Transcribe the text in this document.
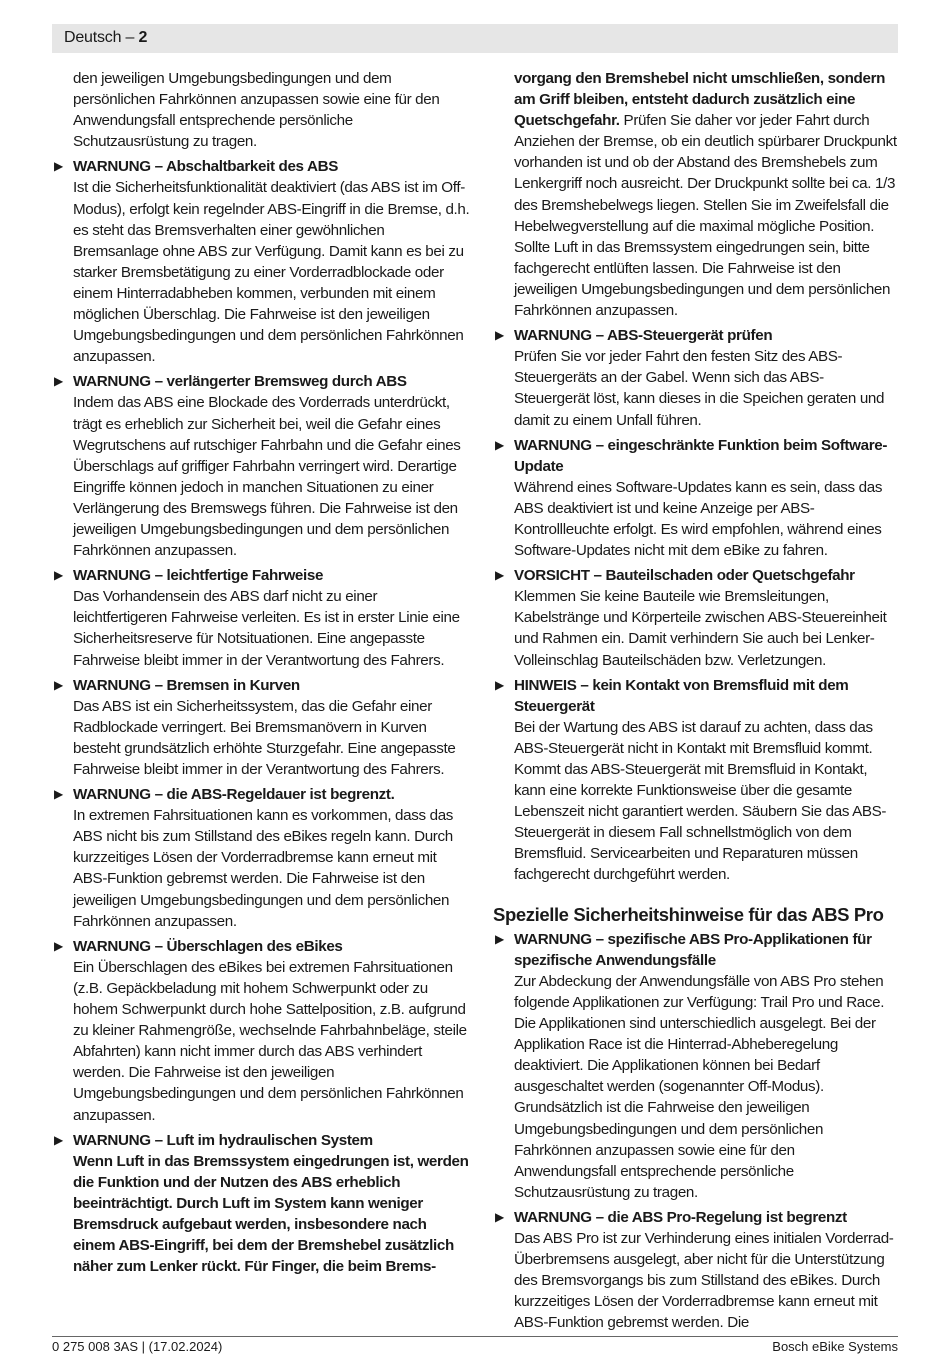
Deutsch – 2
den jeweiligen Umgebungsbedingungen und dem persönlichen Fahrkönnen anzupassen sowie eine für den Anwendungsfall entsprechende persönliche Schutzausrüstung zu tragen.
▶ WARNUNG – Abschaltbarkeit des ABS
Ist die Sicherheitsfunktionalität deaktiviert (das ABS ist im Off-Modus), erfolgt kein regelnder ABS-Eingriff in die Bremse, d.h. es steht das Bremsverhalten einer gewöhnlichen Bremsanlage ohne ABS zur Verfügung. Damit kann es bei zu starker Bremsbetätigung zu einer Vorderradblockade oder einem Hinterradabheben kommen, verbunden mit einem möglichen Überschlag. Die Fahrweise ist den jeweiligen Umgebungsbedingungen und dem persönlichen Fahrkönnen anzupassen.
▶ WARNUNG – verlängerter Bremsweg durch ABS
Indem das ABS eine Blockade des Vorderrads unterdrückt, trägt es erheblich zur Sicherheit bei, weil die Gefahr eines Wegrutschens auf rutschiger Fahrbahn und die Gefahr eines Überschlags auf griffiger Fahrbahn verringert wird. Derartige Eingriffe können jedoch in manchen Situationen zu einer Verlängerung des Bremswegs führen. Die Fahrweise ist den jeweiligen Umgebungsbedingungen und dem persönlichen Fahrkönnen anzupassen.
▶ WARNUNG – leichtfertige Fahrweise
Das Vorhandensein des ABS darf nicht zu einer leichtfertigeren Fahrweise verleiten. Es ist in erster Linie eine Sicherheitsreserve für Notsituationen. Eine angepasste Fahrweise bleibt immer in der Verantwortung des Fahrers.
▶ WARNUNG – Bremsen in Kurven
Das ABS ist ein Sicherheitssystem, das die Gefahr einer Radblockade verringert. Bei Bremsmanövern in Kurven besteht grundsätzlich erhöhte Sturzgefahr. Eine angepasste Fahrweise bleibt immer in der Verantwortung des Fahrers.
▶ WARNUNG – die ABS-Regeldauer ist begrenzt.
In extremen Fahrsituationen kann es vorkommen, dass das ABS nicht bis zum Stillstand des eBikes regeln kann. Durch kurzzeitiges Lösen der Vorderradbremse kann erneut mit ABS-Funktion gebremst werden. Die Fahrweise ist den jeweiligen Umgebungsbedingungen und dem persönlichen Fahrkönnen anzupassen.
▶ WARNUNG – Überschlagen des eBikes
Ein Überschlagen des eBikes bei extremen Fahrsituationen (z.B. Gepäckbeladung mit hohem Schwerpunkt oder zu hohem Schwerpunkt durch hohe Sattelposition, z.B. aufgrund zu kleiner Rahmengröße, wechselnde Fahrbahnbeläge, steile Abfahrten) kann nicht immer durch das ABS verhindert werden. Die Fahrweise ist den jeweiligen Umgebungsbedingungen und dem persönlichen Fahrkönnen anzupassen.
▶ WARNUNG – Luft im hydraulischen System
Wenn Luft in das Bremssystem eingedrungen ist, werden die Funktion und der Nutzen des ABS erheblich beeinträchtigt. Durch Luft im System kann weniger Bremsdruck aufgebaut werden, insbesondere nach einem ABS-Eingriff, bei dem der Bremshebel zusätzlich näher zum Lenker rückt. Für Finger, die beim Brems-
vorgang den Bremshebel nicht umschließen, sondern am Griff bleiben, entsteht dadurch zusätzlich eine Quetschgefahr. Prüfen Sie daher vor jeder Fahrt durch Anziehen der Bremse, ob ein deutlich spürbarer Druckpunkt vorhanden ist und ob der Abstand des Bremshebels zum Lenkergriff noch ausreicht. Der Druckpunkt sollte bei ca. 1/3 des Bremshebelwegs liegen. Stellen Sie im Zweifelsfall die Hebelwegverstellung auf die maximal mögliche Position. Sollte Luft in das Bremssystem eingedrungen sein, bitte fachgerecht entlüften lassen. Die Fahrweise ist den jeweiligen Umgebungsbedingungen und dem persönlichen Fahrkönnen anzupassen.
▶ WARNUNG – ABS-Steuergerät prüfen
Prüfen Sie vor jeder Fahrt den festen Sitz des ABS-Steuergeräts an der Gabel. Wenn sich das ABS-Steuergerät löst, kann dieses in die Speichen geraten und damit zu einem Unfall führen.
▶ WARNUNG – eingeschränkte Funktion beim Software-Update
Während eines Software-Updates kann es sein, dass das ABS deaktiviert ist und keine Anzeige per ABS-Kontrollleuchte erfolgt. Es wird empfohlen, während eines Software-Updates nicht mit dem eBike zu fahren.
▶ VORSICHT – Bauteilschaden oder Quetschgefahr
Klemmen Sie keine Bauteile wie Bremsleitungen, Kabelstränge und Körperteile zwischen ABS-Steuereinheit und Rahmen ein. Damit verhindern Sie auch bei Lenker-Volleinschlag Bauteilschäden bzw. Verletzungen.
▶ HINWEIS – kein Kontakt von Bremsfluid mit dem Steuergerät
Bei der Wartung des ABS ist darauf zu achten, dass das ABS-Steuergerät nicht in Kontakt mit Bremsfluid kommt. Kommt das ABS-Steuergerät mit Bremsfluid in Kontakt, kann eine korrekte Funktionsweise über die gesamte Lebenszeit nicht garantiert werden. Säubern Sie das ABS-Steuergerät in diesem Fall schnellstmöglich von dem Bremsfluid. Servicearbeiten und Reparaturen müssen fachgerecht durchgeführt werden.
Spezielle Sicherheitshinweise für das ABS Pro
▶ WARNUNG – spezifische ABS Pro-Applikationen für spezifische Anwendungsfälle
Zur Abdeckung der Anwendungsfälle von ABS Pro stehen folgende Applikationen zur Verfügung: Trail Pro und Race. Die Applikationen sind unterschiedlich ausgelegt. Bei der Applikation Race ist die Hinterrad-Abheberegelung deaktiviert. Die Applikationen können bei Bedarf ausgeschaltet werden (sogenannter Off-Modus). Grundsätzlich ist die Fahrweise den jeweiligen Umgebungsbedingungen und dem persönlichen Fahrkönnen anzupassen sowie eine für den Anwendungsfall entsprechende persönliche Schutzausrüstung zu tragen.
▶ WARNUNG – die ABS Pro-Regelung ist begrenzt
Das ABS Pro ist zur Verhinderung eines initialen Vorderrad-Überbremsens ausgelegt, aber nicht für die Unterstützung des Bremsvorgangs bis zum Stillstand des eBikes. Durch kurzzeitiges Lösen der Vorderradbremse kann erneut mit ABS-Funktion gebremst werden. Die
0 275 008 3AS | (17.02.2024)	Bosch eBike Systems
